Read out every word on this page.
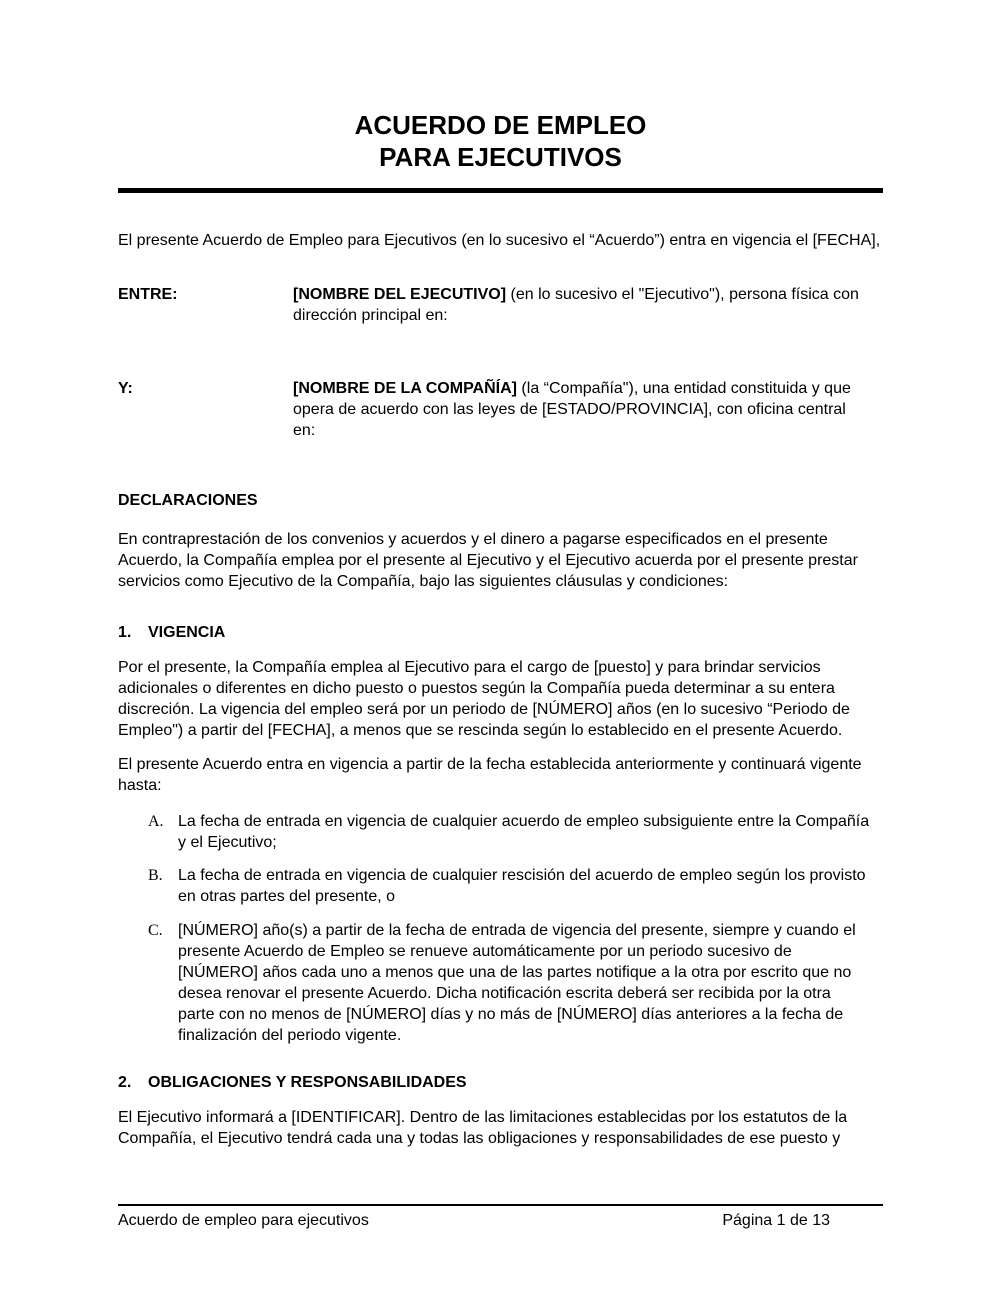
ACUERDO DE EMPLEO
PARA EJECUTIVOS

El presente Acuerdo de Empleo para Ejecutivos (en lo sucesivo el “Acuerdo”) entra en vigencia el [FECHA],

ENTRE:	[NOMBRE DEL EJECUTIVO] (en lo sucesivo el "Ejecutivo"), persona física con dirección principal en:

Y:	[NOMBRE DE LA COMPAÑÍA] (la “Compañía"), una entidad constituida y que opera de acuerdo con las leyes de [ESTADO/PROVINCIA], con oficina central en:

DECLARACIONES

En contraprestación de los convenios y acuerdos y el dinero a pagarse especificados en el presente Acuerdo, la Compañía emplea por el presente al Ejecutivo y el Ejecutivo acuerda por el presente prestar servicios como Ejecutivo de la Compañía, bajo las siguientes cláusulas y condiciones:

1.	VIGENCIA

Por el presente, la Compañía emplea al Ejecutivo para el cargo de [puesto] y para brindar servicios adicionales o diferentes en dicho puesto o puestos según la Compañía pueda determinar a su entera discreción. La vigencia del empleo será por un periodo de [NÚMERO] años (en lo sucesivo “Periodo de Empleo") a partir del [FECHA], a menos que se rescinda según lo establecido en el presente Acuerdo.

El presente Acuerdo entra en vigencia a partir de la fecha establecida anteriormente y continuará vigente hasta:

A. La fecha de entrada en vigencia de cualquier acuerdo de empleo subsiguiente entre la Compañía y el Ejecutivo;
B. La fecha de entrada en vigencia de cualquier rescisión del acuerdo de empleo según los provisto en otras partes del presente, o
C. [NÚMERO] año(s) a partir de la fecha de entrada de vigencia del presente, siempre y cuando el presente Acuerdo de Empleo se renueve automáticamente por un periodo sucesivo de [NÚMERO] años cada uno a menos que una de las partes notifique a la otra por escrito que no desea renovar el presente Acuerdo. Dicha notificación escrita deberá ser recibida por la otra parte con no menos de [NÚMERO] días y no más de [NÚMERO] días anteriores a la fecha de finalización del periodo vigente.
2.	OBLIGACIONES Y RESPONSABILIDADES

El Ejecutivo informará a [IDENTIFICAR]. Dentro de las limitaciones establecidas por los estatutos de la Compañía, el Ejecutivo tendrá cada una y todas las obligaciones y responsabilidades de ese puesto y

Acuerdo de empleo para ejecutivos	Página 1 de 13
